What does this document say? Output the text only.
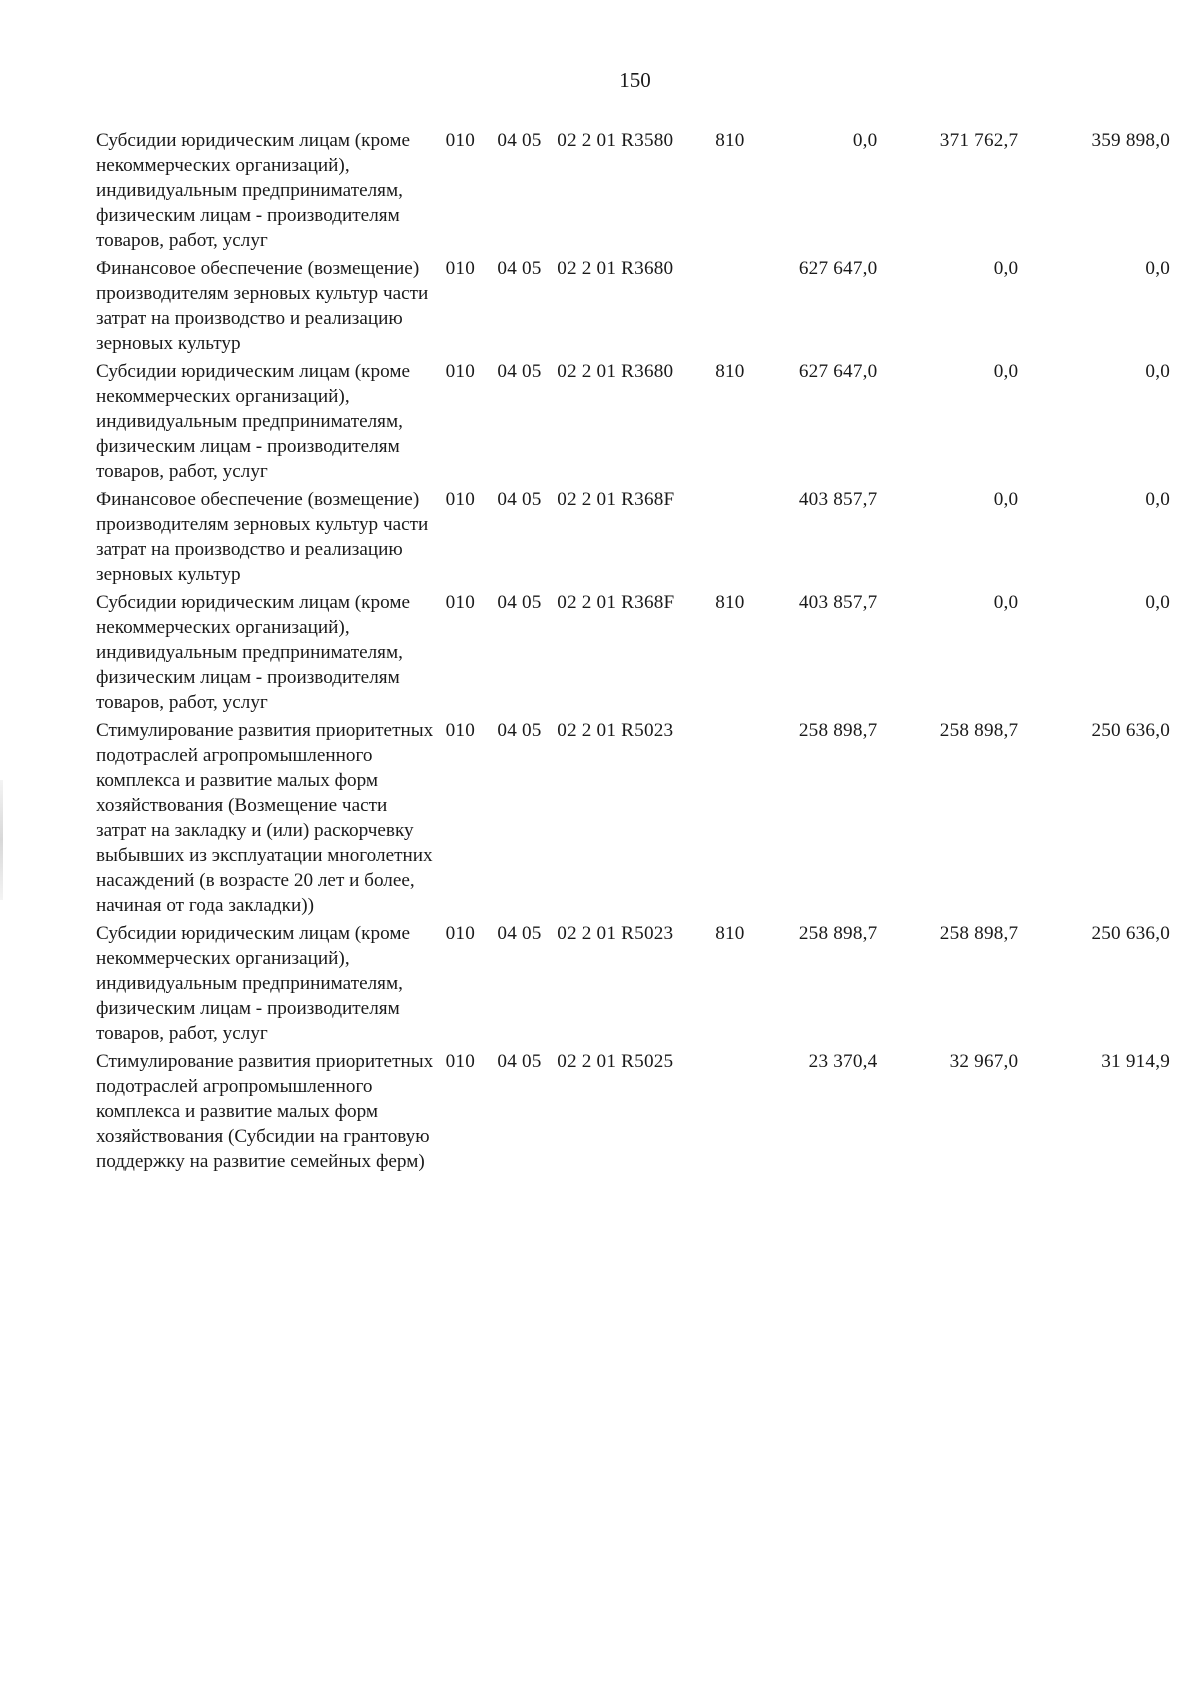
150
Субсидии юридическим лицам (кроме некоммерческих организаций), индивидуальным предпринимателям, физическим лицам - производителям товаров, работ, услуг	010	04 05	02 2 01 R3580	810	0,0	371 762,7	359 898,0
Финансовое обеспечение (возмещение) производителям зерновых культур части затрат на производство и реализацию зерновых культур	010	04 05	02 2 01 R3680		627 647,0	0,0	0,0
Субсидии юридическим лицам (кроме некоммерческих организаций), индивидуальным предпринимателям, физическим лицам - производителям товаров, работ, услуг	010	04 05	02 2 01 R3680	810	627 647,0	0,0	0,0
Финансовое обеспечение (возмещение) производителям зерновых культур части затрат на производство и реализацию зерновых культур	010	04 05	02 2 01 R368F		403 857,7	0,0	0,0
Субсидии юридическим лицам (кроме некоммерческих организаций), индивидуальным предпринимателям, физическим лицам - производителям товаров, работ, услуг	010	04 05	02 2 01 R368F	810	403 857,7	0,0	0,0
Стимулирование развития приоритетных подотраслей агропромышленного комплекса и развитие малых форм хозяйствования (Возмещение части затрат на закладку и (или) раскорчевку выбывших из эксплуатации многолетних насаждений (в возрасте 20 лет и более, начиная от года закладки))	010	04 05	02 2 01 R5023		258 898,7	258 898,7	250 636,0
Субсидии юридическим лицам (кроме некоммерческих организаций), индивидуальным предпринимателям, физическим лицам - производителям товаров, работ, услуг	010	04 05	02 2 01 R5023	810	258 898,7	258 898,7	250 636,0
Стимулирование развития приоритетных подотраслей агропромышленного комплекса и развитие малых форм хозяйствования (Субсидии на грантовую поддержку на развитие семейных ферм)	010	04 05	02 2 01 R5025		23 370,4	32 967,0	31 914,9
